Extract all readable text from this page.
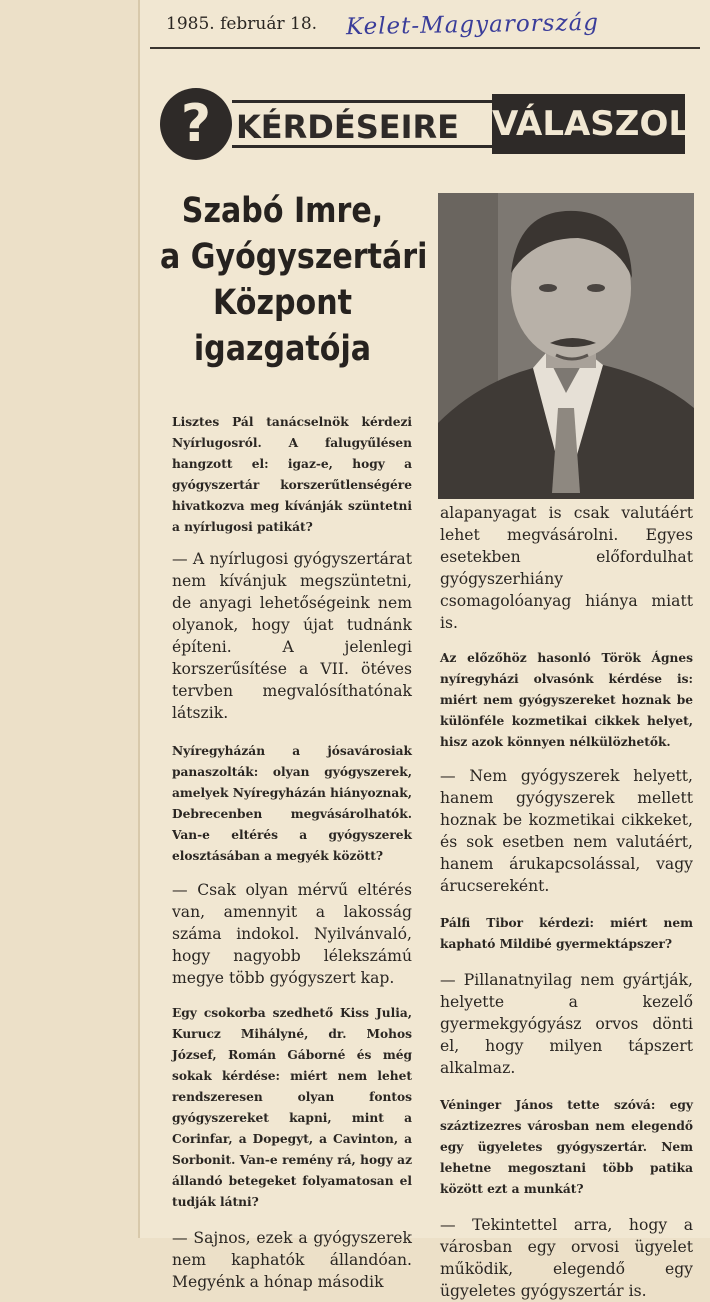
1985. február 18. Kelet-Magyarország
? KÉRDÉSEIRE VÁLASZOL
Szabó Imre,
a Gyógyszertári
Központ
igazgatója

Lisztes Pál tanácselnök kérdezi Nyírlugosról. A falugyűlésen hangzott el: igaz-e, hogy a gyógyszertár korszerűtlenségére hivatkozva meg kívánják szüntetni a nyírlugosi patikát?

— A nyírlugosi gyógyszertárat nem kívánjuk megszüntetni, de anyagi lehetőségeink nem olyanok, hogy újat tudnánk építeni. A jelenlegi korszerűsítése a VII. ötéves tervben megvalósíthatónak látszik.

Nyíregyházán a jósavárosiak panaszolták: olyan gyógyszerek, amelyek Nyíregyházán hiányoznak, Debrecenben megvásárolhatók. Van-e eltérés a gyógyszerek elosztásában a megyék között?

— Csak olyan mérvű eltérés van, amennyit a lakosság száma indokol. Nyilvánvaló, hogy nagyobb lélekszámú megye több gyógyszert kap.

Egy csokorba szedhető Kiss Julia, Kurucz Mihályné, dr. Mohos József, Román Gáborné és még sokak kérdése: miért nem lehet rendszeresen olyan fontos gyógyszereket kapni, mint a Corinfar, a Dopegyt, a Cavinton, a Sorbonit. Van-e remény rá, hogy az állandó betegeket folyamatosan el tudják látni?

— Sajnos, ezek a gyógyszerek nem kaphatók állandóan. Megyénk a hónap második

alapanyagat is csak valutáért lehet megvásárolni. Egyes esetekben előfordulhat gyógyszerhiány csomagolóanyag hiánya miatt is.

Az előzőhöz hasonló Török Ágnes nyíregyházi olvasónk kérdése is: miért nem gyógyszereket hoznak be különféle kozmetikai cikkek helyet, hisz azok könnyen nélkülözhetők.

— Nem gyógyszerek helyett, hanem gyógyszerek mellett hoznak be kozmetikai cikkeket, és sok esetben nem valutáért, hanem árukapcsolással, vagy árucsereként.

Pálfi Tibor kérdezi: miért nem kapható Mildibé gyermektápszer?

— Pillanatnyilag nem gyártják, helyette a kezelő gyermekgyógyász orvos dönti el, hogy milyen tápszert alkalmaz.

Véninger János tette szóvá: egy száztizezres városban nem elegendő egy ügyeletes gyógyszertár. Nem lehetne megosztani több patika között ezt a munkát?

— Tekintettel arra, hogy a városban egy orvosi ügyelet működik, elegendő egy ügyeletes gyógyszertár is.
